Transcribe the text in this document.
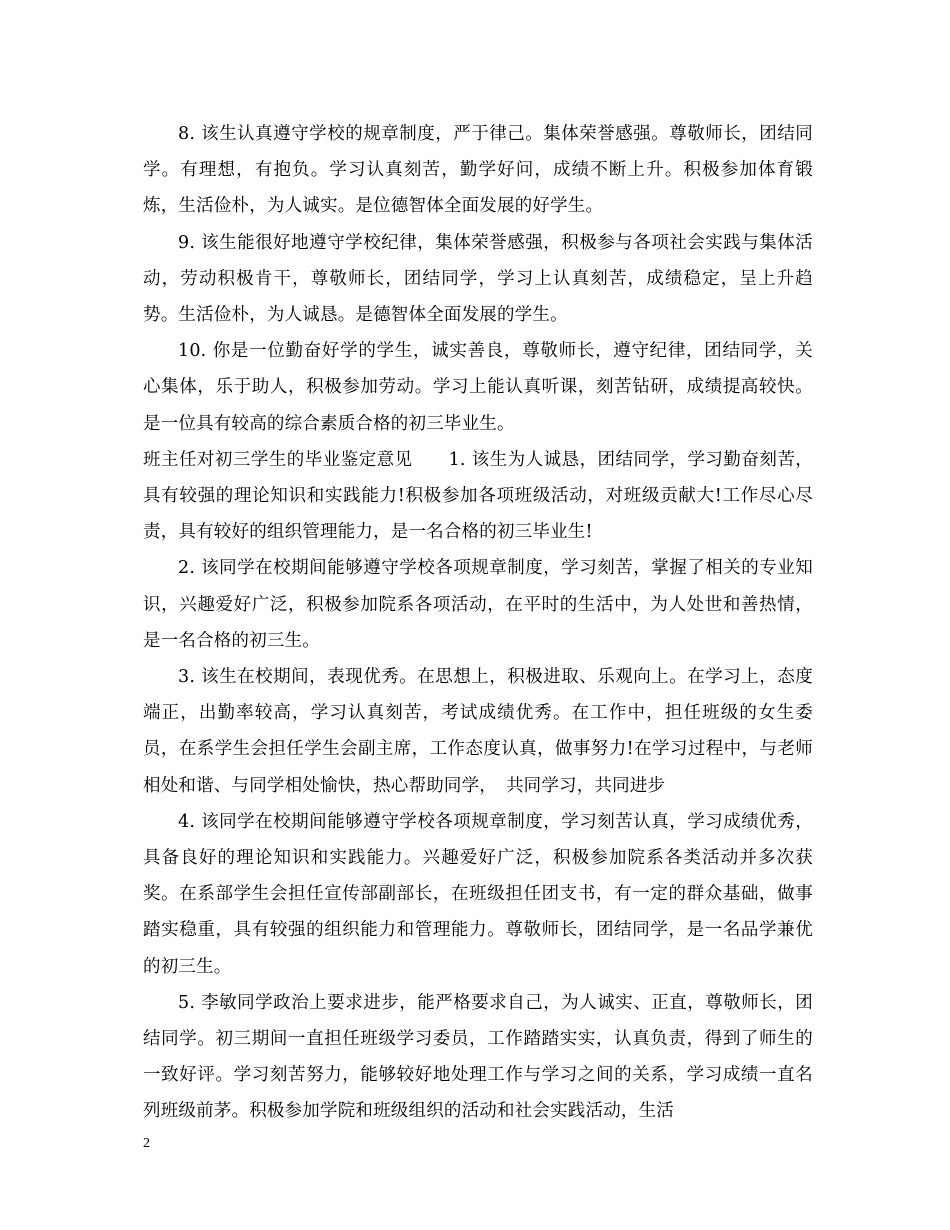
8. 该生认真遵守学校的规章制度，严于律己。集体荣誉感强。尊敬师长，团结同学。有理想，有抱负。学习认真刻苦，勤学好问，成绩不断上升。积极参加体育锻炼，生活俭朴，为人诚实。是位德智体全面发展的好学生。

9. 该生能很好地遵守学校纪律，集体荣誉感强，积极参与各项社会实践与集体活动，劳动积极肯干，尊敬师长，团结同学，学习上认真刻苦，成绩稳定，呈上升趋势。生活俭朴，为人诚恳。是德智体全面发展的学生。

10. 你是一位勤奋好学的学生，诚实善良，尊敬师长，遵守纪律，团结同学，关心集体，乐于助人，积极参加劳动。学习上能认真听课，刻苦钻研，成绩提高较快。是一位具有较高的综合素质合格的初三毕业生。

班主任对初三学生的毕业鉴定意见　　1. 该生为人诚恳，团结同学，学习勤奋刻苦，具有较强的理论知识和实践能力!积极参加各项班级活动，对班级贡献大!工作尽心尽责，具有较好的组织管理能力，是一名合格的初三毕业生!

2. 该同学在校期间能够遵守学校各项规章制度，学习刻苦，掌握了相关的专业知识，兴趣爱好广泛，积极参加院系各项活动，在平时的生活中，为人处世和善热情，是一名合格的初三生。

3. 该生在校期间，表现优秀。在思想上，积极进取、乐观向上。在学习上，态度端正，出勤率较高，学习认真刻苦，考试成绩优秀。在工作中，担任班级的女生委员，在系学生会担任学生会副主席，工作态度认真，做事努力!在学习过程中，与老师相处和谐、与同学相处愉快，热心帮助同学，　共同学习，共同进步

4. 该同学在校期间能够遵守学校各项规章制度，学习刻苦认真，学习成绩优秀，具备良好的理论知识和实践能力。兴趣爱好广泛，积极参加院系各类活动并多次获奖。在系部学生会担任宣传部副部长，在班级担任团支书，有一定的群众基础，做事踏实稳重，具有较强的组织能力和管理能力。尊敬师长，团结同学，是一名品学兼优的初三生。

5. 李敏同学政治上要求进步，能严格要求自己，为人诚实、正直，尊敬师长，团结同学。初三期间一直担任班级学习委员，工作踏踏实实，认真负责，得到了师生的一致好评。学习刻苦努力，能够较好地处理工作与学习之间的关系，学习成绩一直名列班级前茅。积极参加学院和班级组织的活动和社会实践活动，生活

2
